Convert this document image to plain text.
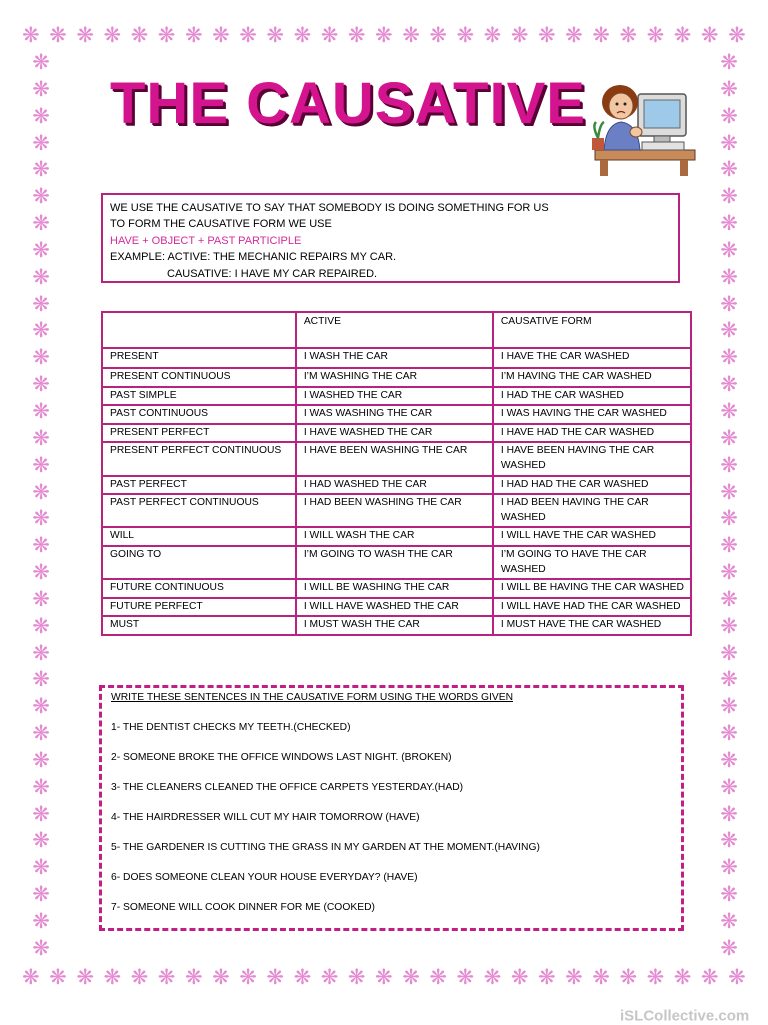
❋ ❋ ❋ ❋ ❋ ❋ ❋ ❋ ❋ ❋ ❋ ❋ ❋ ❋ ❋ ❋ ❋ ❋ ❋ ❋ ❋ ❋ ❋ ❋ ❋ ❋ ❋
❋ ❋ ❋ ❋ ❋ ❋ ❋ ❋ ❋ ❋ ❋ ❋ ❋ ❋ ❋ ❋ ❋ ❋ ❋ ❋ ❋ ❋ ❋ ❋ ❋ ❋ ❋
❋
❋
❋
❋
❋
❋
❋
❋
❋
❋
❋
❋
❋
❋
❋
❋
❋
❋
❋
❋
❋
❋
❋
❋
❋
❋
❋
❋
❋
❋
❋
❋
❋
❋
❋
❋
❋
❋
❋
❋
❋
❋
❋
❋
❋
❋
❋
❋
❋
❋
❋
❋
❋
❋
❋
❋
❋
❋
❋
❋
❋
❋
❋
❋
❋
❋
❋
❋
THE CAUSATIVE
WE USE THE CAUSATIVE TO SAY THAT SOMEBODY IS DOING SOMETHING FOR US
TO FORM THE CAUSATIVE FORM WE USE
HAVE + OBJECT + PAST PARTICIPLE
EXAMPLE: ACTIVE: THE MECHANIC REPAIRS MY CAR.
CAUSATIVE: I HAVE MY CAR REPAIRED.
	ACTIVE	CAUSATIVE FORM
PRESENT	I WASH THE CAR	I HAVE THE CAR WASHED
PRESENT CONTINUOUS	I’M WASHING THE CAR	I’M HAVING THE CAR WASHED
PAST SIMPLE	I WASHED THE CAR	I HAD THE CAR WASHED
PAST CONTINUOUS	I WAS WASHING THE CAR	I WAS HAVING THE CAR WASHED
PRESENT PERFECT	I HAVE WASHED THE CAR	I HAVE HAD THE CAR WASHED
PRESENT PERFECT CONTINUOUS	I HAVE BEEN WASHING THE CAR	I HAVE BEEN HAVING THE CAR WASHED
PAST PERFECT	I HAD WASHED THE CAR	I HAD HAD THE CAR WASHED
PAST PERFECT CONTINUOUS	I HAD BEEN WASHING THE CAR	I HAD BEEN HAVING THE CAR WASHED
WILL	I WILL WASH THE CAR	I WILL HAVE THE CAR WASHED
GOING TO	I’M GOING TO WASH THE CAR	I’M GOING TO HAVE THE CAR WASHED
FUTURE CONTINUOUS	I WILL BE WASHING THE CAR	I WILL BE HAVING THE CAR WASHED
FUTURE PERFECT	I WILL HAVE WASHED THE CAR	I WILL HAVE HAD THE CAR WASHED
MUST	I MUST WASH THE CAR	I MUST HAVE THE CAR WASHED
WRITE THESE SENTENCES IN THE CAUSATIVE FORM USING THE WORDS GIVEN
1- THE DENTIST CHECKS MY TEETH.(CHECKED)
2- SOMEONE BROKE THE OFFICE WINDOWS LAST NIGHT. (BROKEN)
3- THE CLEANERS CLEANED THE OFFICE CARPETS YESTERDAY.(HAD)
4- THE HAIRDRESSER WILL CUT MY HAIR TOMORROW (HAVE)
5- THE GARDENER IS CUTTING THE GRASS IN MY GARDEN AT THE MOMENT.(HAVING)
6- DOES SOMEONE CLEAN YOUR HOUSE EVERYDAY? (HAVE)
7- SOMEONE WILL COOK DINNER FOR ME (COOKED)
iSLCollective.com
